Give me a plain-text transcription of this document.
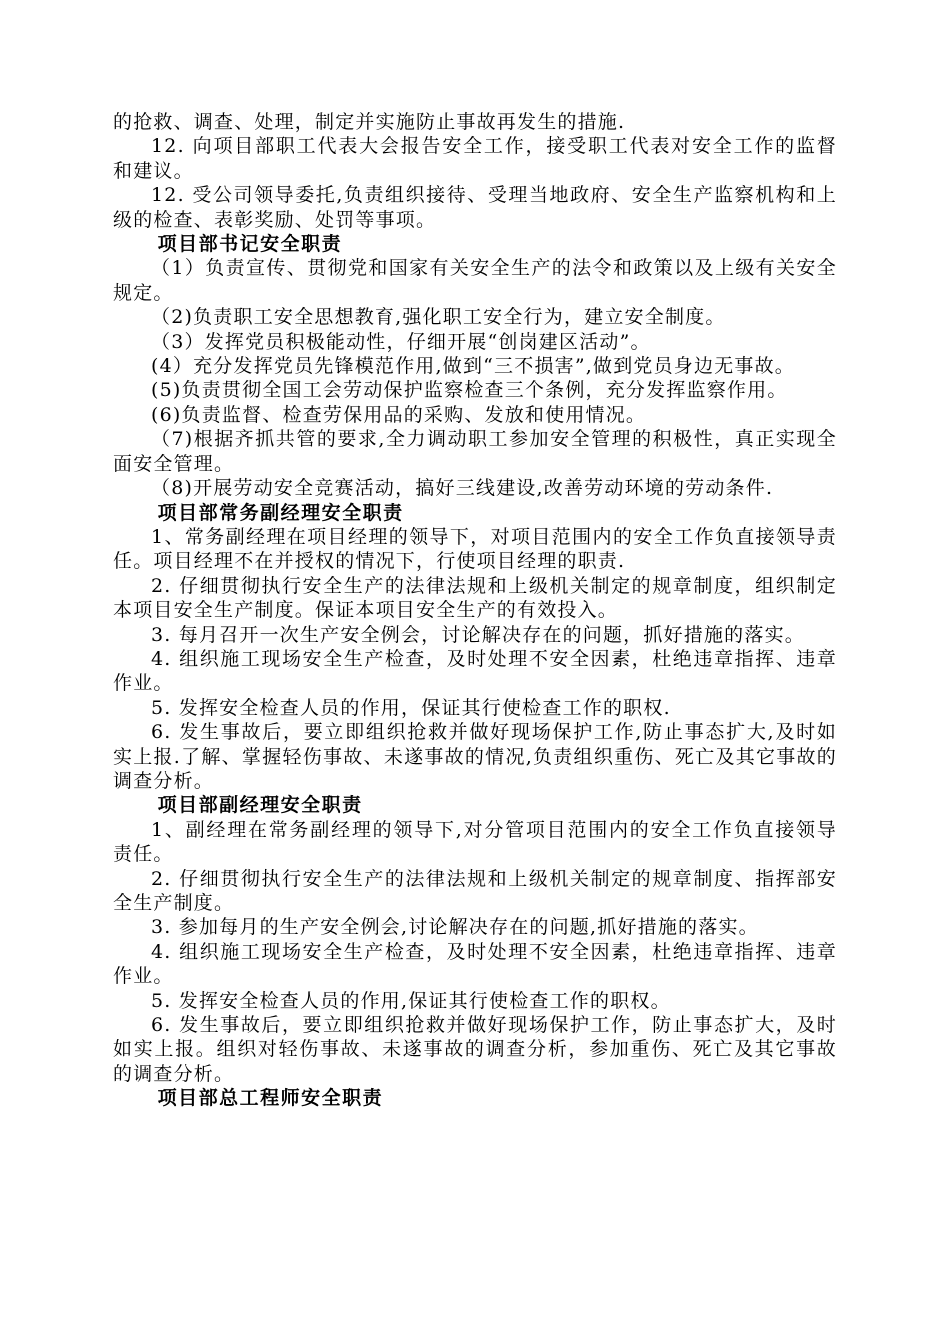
的抢救、调查、处理，制定并实施防止事故再发生的措施.

12. 向项目部职工代表大会报告安全工作，接受职工代表对安全工作的监督和建议。

12. 受公司领导委托,负责组织接待、受理当地政府、安全生产监察机构和上级的检查、表彰奖励、处罚等事项。

项目部书记安全职责

（1）负责宣传、贯彻党和国家有关安全生产的法令和政策以及上级有关安全规定。

（2)负责职工安全思想教育,强化职工安全行为，建立安全制度。

（3）发挥党员积极能动性，仔细开展“创岗建区活动”。

(4）充分发挥党员先锋模范作用,做到“三不损害”,做到党员身边无事故。

(5)负责贯彻全国工会劳动保护监察检查三个条例，充分发挥监察作用。

(6)负责监督、检查劳保用品的采购、发放和使用情况。

（7)根据齐抓共管的要求,全力调动职工参加安全管理的积极性，真正实现全面安全管理。

（8)开展劳动安全竞赛活动，搞好三线建设,改善劳动环境的劳动条件.

项目部常务副经理安全职责

1、常务副经理在项目经理的领导下，对项目范围内的安全工作负直接领导责任。项目经理不在并授权的情况下，行使项目经理的职责.

2. 仔细贯彻执行安全生产的法律法规和上级机关制定的规章制度，组织制定本项目安全生产制度。保证本项目安全生产的有效投入。

3. 每月召开一次生产安全例会，讨论解决存在的问题，抓好措施的落实。

4. 组织施工现场安全生产检查，及时处理不安全因素，杜绝违章指挥、违章作业。

5. 发挥安全检查人员的作用，保证其行使检查工作的职权.

6. 发生事故后，要立即组织抢救并做好现场保护工作,防止事态扩大,及时如实上报.了解、掌握轻伤事故、未遂事故的情况,负责组织重伤、死亡及其它事故的调查分析。

项目部副经理安全职责

1、副经理在常务副经理的领导下,对分管项目范围内的安全工作负直接领导责任。

2. 仔细贯彻执行安全生产的法律法规和上级机关制定的规章制度、指挥部安全生产制度。

3. 参加每月的生产安全例会,讨论解决存在的问题,抓好措施的落实。

4. 组织施工现场安全生产检查，及时处理不安全因素，杜绝违章指挥、违章作业。

5. 发挥安全检查人员的作用,保证其行使检查工作的职权。

6. 发生事故后，要立即组织抢救并做好现场保护工作，防止事态扩大，及时如实上报。组织对轻伤事故、未遂事故的调查分析，参加重伤、死亡及其它事故的调查分析。

项目部总工程师安全职责
